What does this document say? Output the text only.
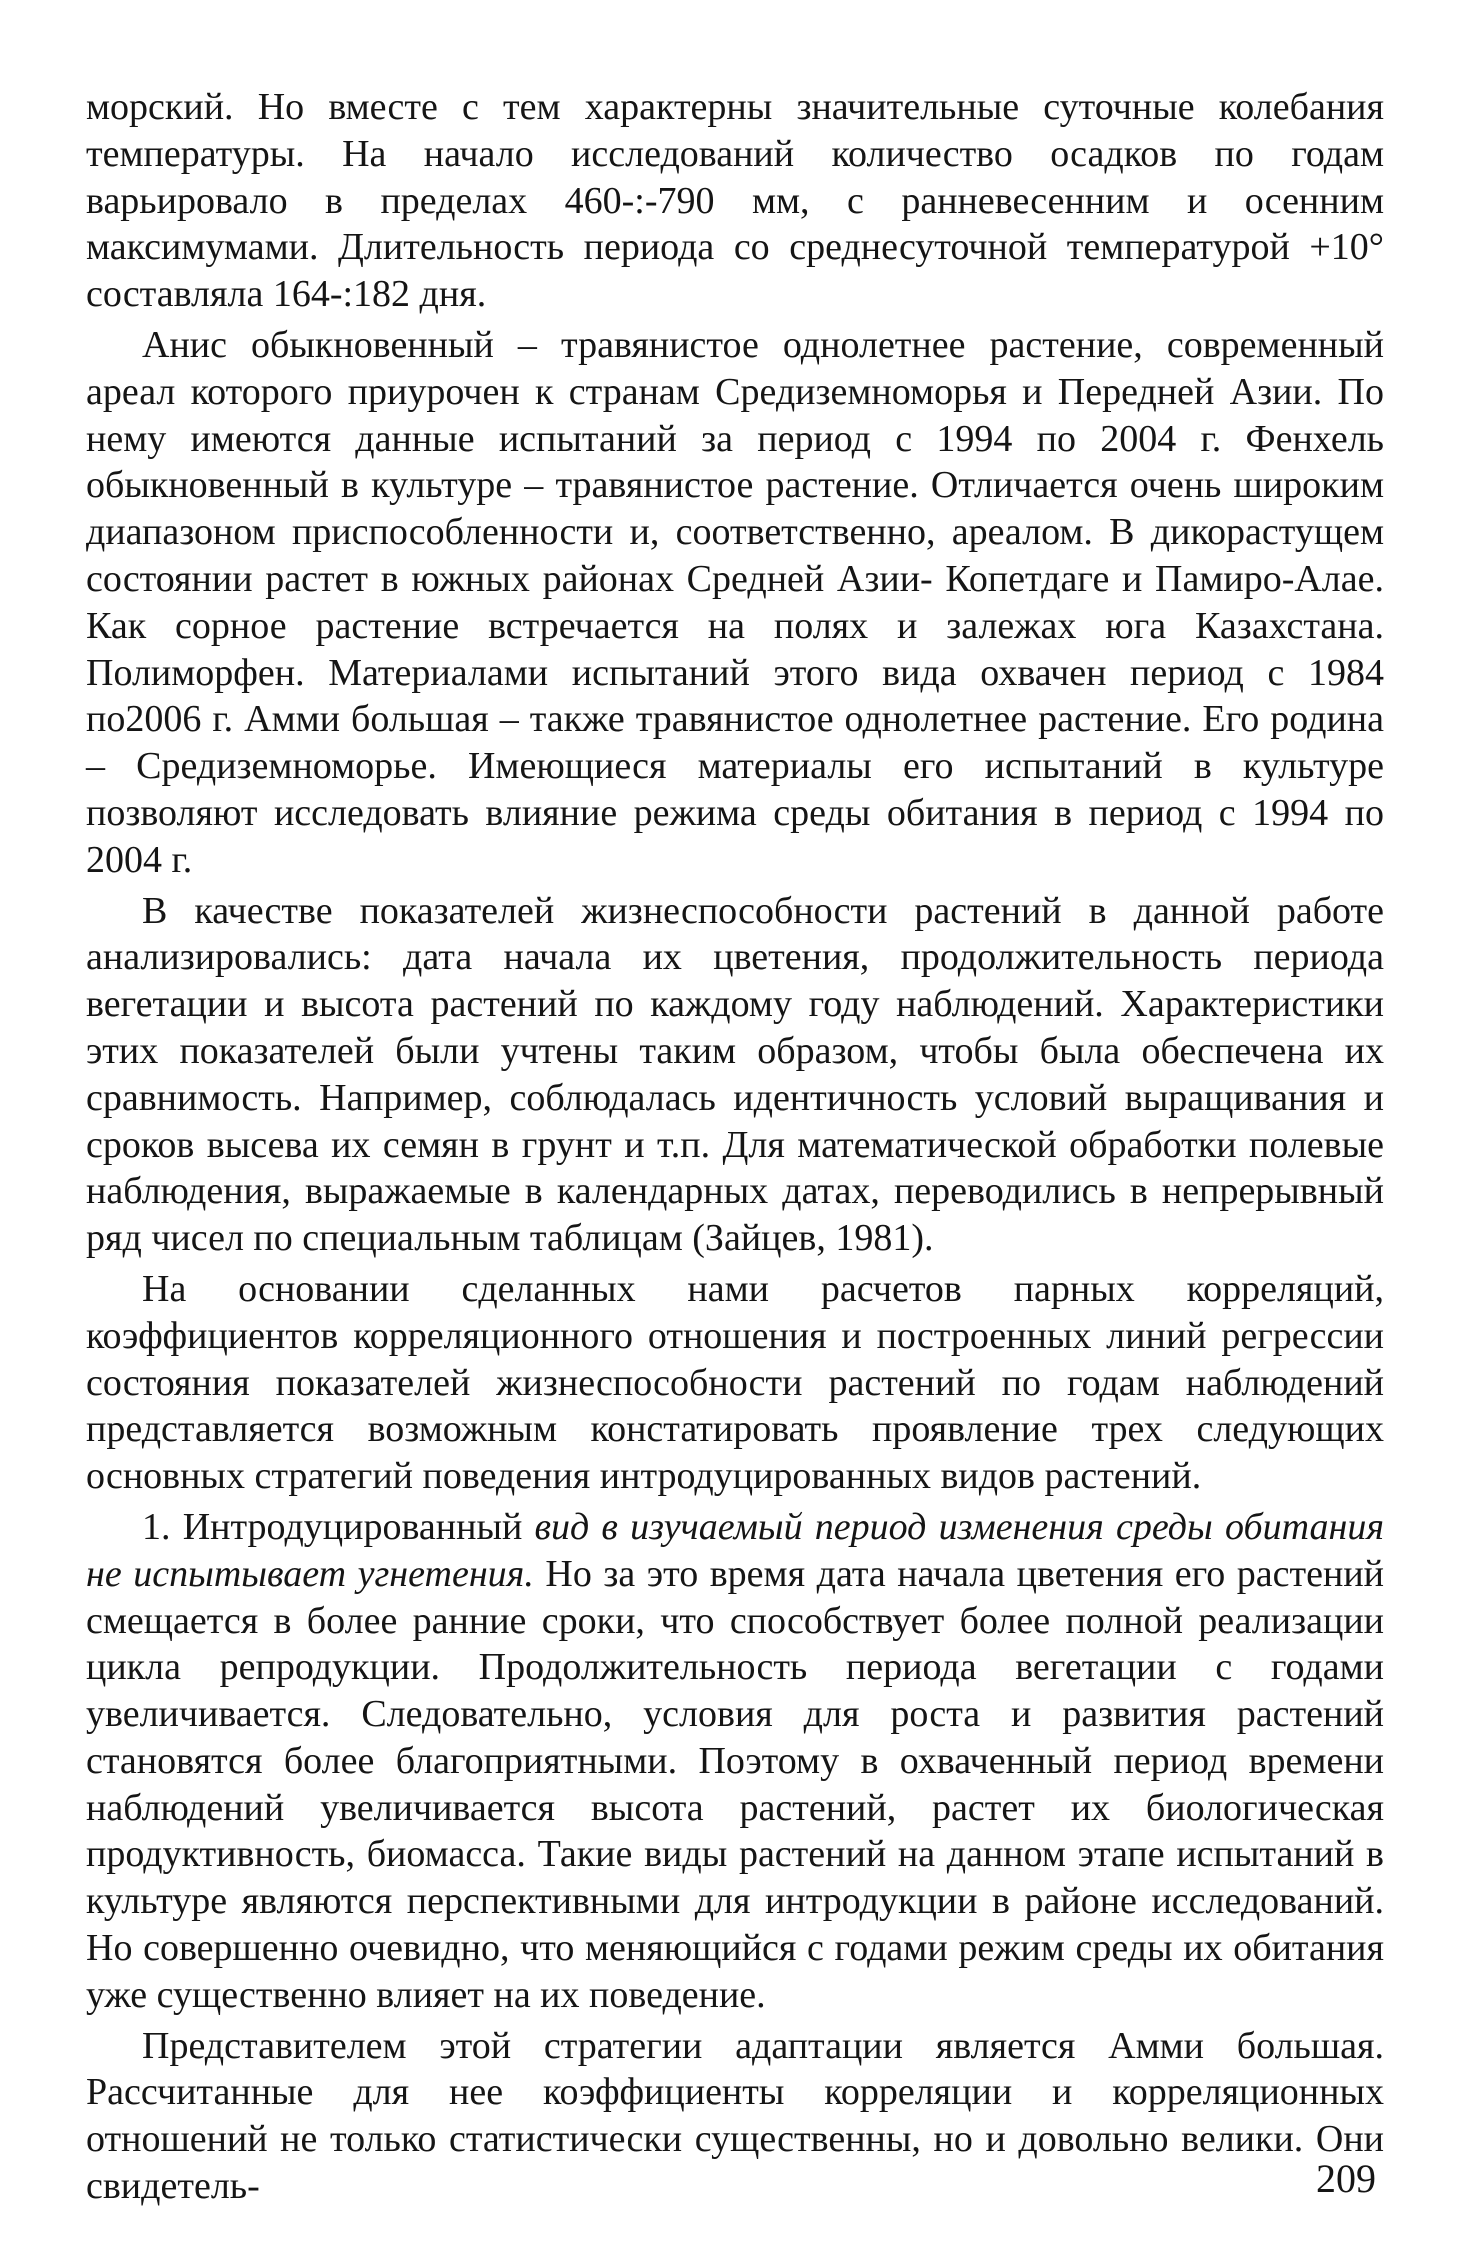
морский. Но вместе с тем характерны значительные суточные колебания температуры. На начало исследований количество осадков по годам варьировало в пределах 460-:-790 мм, с ранневесенним и осенним максимумами. Длительность периода со среднесуточной температурой +10° составляла 164-:182 дня.

Анис обыкновенный – травянистое однолетнее растение, современный ареал которого приурочен к странам Средиземноморья и Передней Азии. По нему имеются данные испытаний за период с 1994 по 2004 г. Фенхель обыкновенный в культуре – травянистое растение. Отличается очень широким диапазоном приспособленности и, соответственно, ареалом. В дикорастущем состоянии растет в южных районах Средней Азии- Копетдаге и Памиро-Алае. Как сорное растение встречается на полях и залежах юга Казахстана. Полиморфен. Материалами испытаний этого вида охвачен период с 1984 по2006 г. Амми большая – также травянистое однолетнее растение. Его родина – Средиземноморье. Имеющиеся материалы его испытаний в культуре позволяют исследовать влияние режима среды обитания в период с 1994 по 2004 г.

В качестве показателей жизнеспособности растений в данной работе анализировались: дата начала их цветения, продолжительность периода вегетации и высота растений по каждому году наблюдений. Характеристики этих показателей были учтены таким образом, чтобы была обеспечена их сравнимость. Например, соблюдалась идентичность условий выращивания и сроков высева их семян в грунт и т.п. Для математической обработки полевые наблюдения, выражаемые в календарных датах, переводились в непрерывный ряд чисел по специальным таблицам (Зайцев, 1981).

На основании сделанных нами расчетов парных корреляций, коэффициентов корреляционного отношения и построенных линий регрессии состояния показателей жизнеспособности растений по годам наблюдений представляется возможным констатировать проявление трех следующих основных стратегий поведения интродуцированных видов растений.

1. Интродуцированный вид в изучаемый период изменения среды обитания не испытывает угнетения. Но за это время дата начала цветения его растений смещается в более ранние сроки, что способствует более полной реализации цикла репродукции. Продолжительность периода вегетации с годами увеличивается. Следовательно, условия для роста и развития растений становятся более благоприятными. Поэтому в охваченный период времени наблюдений увеличивается высота растений, растет их биологическая продуктивность, биомасса. Такие виды растений на данном этапе испытаний в культуре являются перспективными для интродукции в районе исследований. Но совершенно очевидно, что меняющийся с годами режим среды их обитания уже существенно влияет на их поведение.

Представителем этой стратегии адаптации является Амми большая. Рассчитанные для нее коэффициенты корреляции и корреляционных отношений не только статистически существенны, но и довольно велики. Они свидетель-	209
